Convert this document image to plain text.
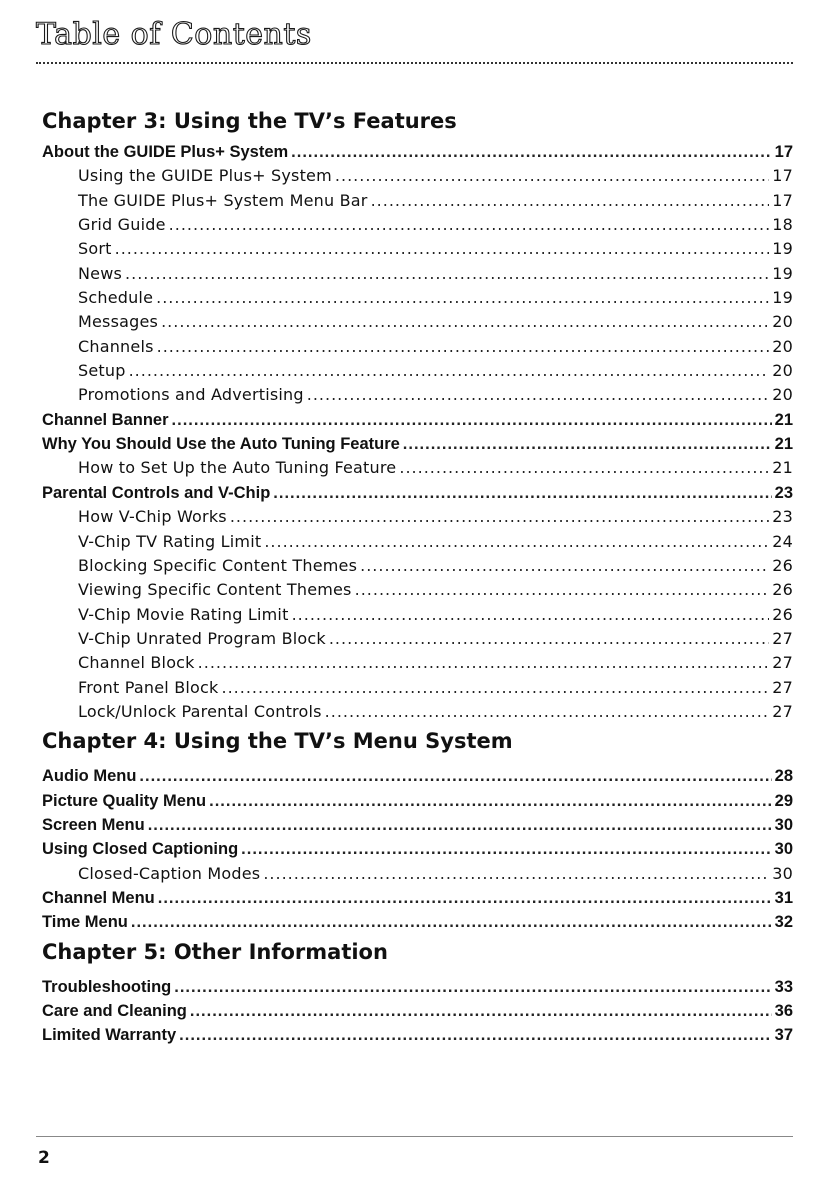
Table of Contents
Chapter 3: Using the TV’s Features
About the GUIDE Plus+ System .....	17
Using the GUIDE Plus+ System .....	17
The GUIDE Plus+ System Menu Bar .....	17
Grid Guide .....	18
Sort .....	19
News .....	19
Schedule .....	19
Messages .....	20
Channels .....	20
Setup .....	20
Promotions and Advertising .....	20
Channel Banner .....	21
Why You Should Use the Auto Tuning Feature .....	21
How to Set Up the Auto Tuning Feature .....	21
Parental Controls and V-Chip .....	23
How V-Chip Works .....	23
V-Chip TV Rating Limit .....	24
Blocking Specific Content Themes .....	26
Viewing Specific Content Themes .....	26
V-Chip Movie Rating Limit .....	26
V-Chip Unrated Program Block .....	27
Channel Block .....	27
Front Panel Block .....	27
Lock/Unlock Parental Controls .....	27
Chapter 4: Using the TV’s Menu System
Audio Menu .....	28
Picture Quality Menu .....	29
Screen Menu .....	30
Using Closed Captioning .....	30
Closed-Caption Modes .....	30
Channel Menu .....	31
Time Menu .....	32
Chapter 5: Other Information
Troubleshooting .....	33
Care and Cleaning .....	36
Limited Warranty .....	37
2
